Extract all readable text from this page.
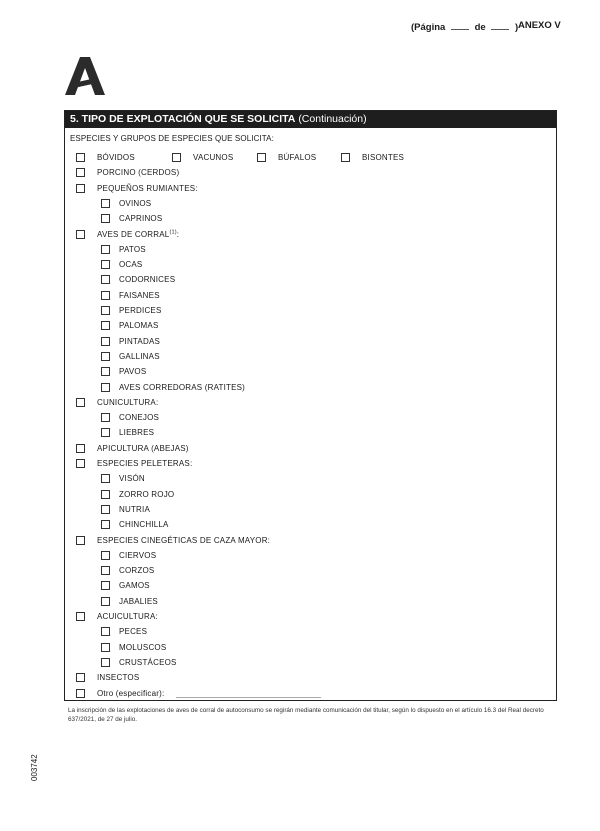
(Página	de	) ANEXO V
5. TIPO DE EXPLOTACIÓN QUE SE SOLICITA (Continuación)
ESPECIES Y GRUPOS DE ESPECIES QUE SOLICITA:
BÓVIDOS	VACUNOS	BÚFALOS	BISONTES
PORCINO (CERDOS)
PEQUEÑOS RUMIANTES:
OVINOS
CAPRINOS
AVES DE CORRAL$^{(1)}$:
PATOS
OCAS
CODORNICES
FAISANES
PERDICES
PALOMAS
PINTADAS
GALLINAS
PAVOS
AVES CORREDORAS (RATITES)
CUNICULTURA:
CONEJOS
LIEBRES
APICULTURA (ABEJAS)
ESPECIES PELETERAS:
VISÓN
ZORRO ROJO
NUTRIA
CHINCHILLA
ESPECIES CINEGÉTICAS DE CAZA MAYOR:
CIERVOS
CORZOS
GAMOS
JABALIES
ACUICULTURA:
PECES
MOLUSCOS
CRUSTÁCEOS
INSECTOS
Otro (especificar):
La inscripción de las explotaciones de aves de corral de autoconsumo se regirán mediante comunicación del titular, según lo dispuesto en el artículo 16.3 del Real decreto 637/2021, de 27 de julio.
003742
